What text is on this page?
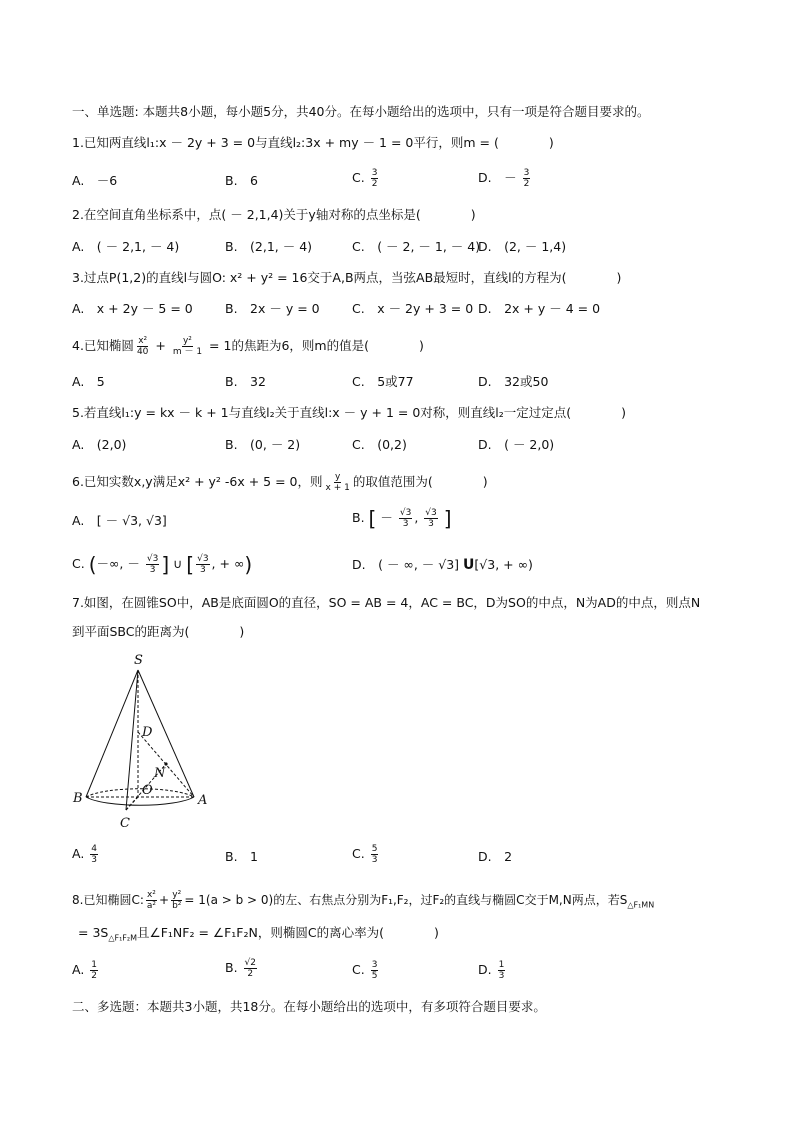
一、单选题: 本题共8小题，每小题5分，共40分。在每小题给出的选项中，只有一项是符合题目要求的。
1.已知两直线l₁:x － 2y + 3 = 0与直线l₂:3x + my － 1 = 0平行，则m = (　　　　)
A.　－6	B.　6	C. $\frac{3}{2}$	D.　－ $\frac{3}{2}$
2.在空间直角坐标系中，点( － 2,1,4)关于y轴对称的点坐标是(　　　　)
A.　( － 2,1, － 4)	B.　(2,1, － 4)	C.　( － 2, － 1, － 4)
D.　(2, － 1,4)
3.过点P(1,2)的直线l与圆O: x² + y² = 16交于A,B两点，当弦AB最短时，直线l的方程为(　　　　)
A.　x + 2y － 5 = 0	B.　2x － y = 0	C.　x － 2y + 3 = 0 D.　2x + y － 4 = 0
4.已知椭圆 $\frac{\text{x²}}{40} + \frac{\text{y²}}{m - 1} = 1$的焦距为6，则m的值是(　　　　)
A.　5	B.　32	C.　5或77	D.　32或50
5.若直线l₁:y = kx － k + 1与直线l₂关于直线l:x － y + 1 = 0对称，则直线l₂一定过定点(　　　　)
A.　(2,0)	B.　(0, － 2)	C.　(0,2)	D.　( － 2,0)
6.已知实数x,y满足x² + y² -6x + 5 = 0，则 $\frac{y}{x + 1}$ 的取值范围为(　　　　)
A.　[ － √3, √3]	B. [ － $\frac{√3}{3}$ , $\frac{√3}{3}$ ]
C. (－∞, － $\frac{√3}{3}$ ] ∪ [ $\frac{√3}{3}$ , + ∞)	D.　( － ∞, － √3] U[√3, + ∞)
7.如图，在圆锥SO中，AB是底面圆O的直径，SO = AB = 4，AC = BC，D为SO的中点，N为AD的中点，则点N
到平面SBC的距离为(　　　　)
S
D
N
O
B	A
C
A. $\frac{4}{3}$	B.　1	C. $\frac{5}{3}$	D.　2
8.已知椭圆C: $\frac{\text{x²}}{\text{a²}} + \frac{\text{y²}}{\text{b²}} = 1(a > b > 0)$的左、右焦点分别为F₁,F₂，过F₂的直线与椭圆C交于M,N两点，若$S_{\triangle F_1MN}$
= $3S_{\triangle F_1F_2M}$且∠F₁NF₂ = ∠F₁F₂N，则椭圆C的离心率为(　　　　)
A. $\frac{1}{2}$	B. $\frac{√2}{2}$	C. $\frac{3}{5}$	D. $\frac{1}{3}$
二、多选题：本题共3小题，共18分。在每小题给出的选项中，有多项符合题目要求。
